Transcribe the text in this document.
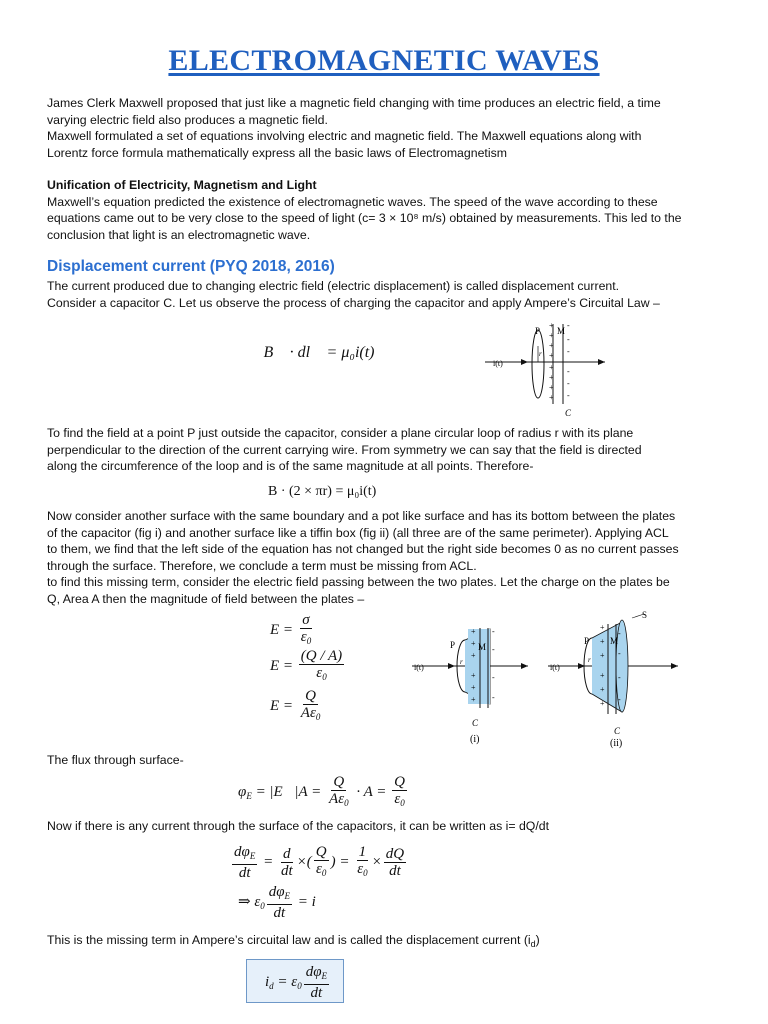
ELECTROMAGNETIC WAVES
James Clerk Maxwell proposed that just like a magnetic field changing with time produces an electric field, a time
varying electric field also produces a magnetic field.
Maxwell formulated a set of equations involving electric and magnetic field. The Maxwell equations along with
Lorentz force formula mathematically express all the basic laws of Electromagnetism
Unification of Electricity, Magnetism and Light
Maxwell’s equation predicted the existence of electromagnetic waves. The speed of the wave according to these
equations came out to be very close to the speed of light (c= 3 × 10⁸ m/s) obtained by measurements. This led to the
conclusion that light is an electromagnetic wave.
Displacement current (PYQ 2018, 2016)
The current produced due to changing electric field (electric displacement) is called displacement current.
Consider a capacitor C. Let us observe the process of charging the capacitor and apply Ampere’s Circuital Law –
∮ B⃗ · dl⃗ = μ₀i(t)
i(t)
P M
r
C
+
+
+
+
+
+
+
+
-
-
-
-
-
-
To find the field at a point P just outside the capacitor, consider a plane circular loop of radius r with its plane
perpendicular to the direction of the current carrying wire. From symmetry we can say that the field is directed
along the circumference of the loop and is of the same magnitude at all points. Therefore-
B · (2 × πr) = μ₀i(t)
Now consider another surface with the same boundary and a pot like surface and has its bottom between the plates
of the capacitor (fig i) and another surface like a tiffin box (fig ii) (all three are of the same perimeter). Applying ACL
to them, we find that the left side of the equation has not changed but the right side becomes 0 as no current passes
through the surface. Therefore, we conclude a term must be missing from ACL.
to find this missing term, consider the electric field passing between the two plates. Let the charge on the plates be
Q, Area A then the magnitude of field between the plates –
$E = \frac{\sigma}{\varepsilon_0}$
$E = \frac{(Q / A)}{\varepsilon_0}$
$E = \frac{Q}{A\varepsilon_0}$
i(t)
P	M
r
C
(i)
+
+
+
+
+
+
-
-
-
-
i(t)
P M
r
S
C
(ii)
+
+
+
+
+
+
-
-
-
-
The flux through surface-
$\varphi_E$ = |E⃗|A = $\frac{Q}{A\varepsilon_0} \cdot A = \frac{Q}{\varepsilon_0}$
Now if there is any current through the surface of the capacitors, it can be written as i= dQ/dt
$\frac{d\varphi_E}{dt} = \frac{d}{dt}$ ×( $\frac{Q}{\varepsilon_0}$ ) = $\frac{1}{\varepsilon_0} \times \frac{dQ}{dt}$
⇒ $\varepsilon_0 \frac{d\varphi_E}{dt} = i$
This is the missing term in Ampere’s circuital law and is called the displacement current $(i_d)$
$i_d = \varepsilon_0 \frac{d\varphi_E}{dt}$
